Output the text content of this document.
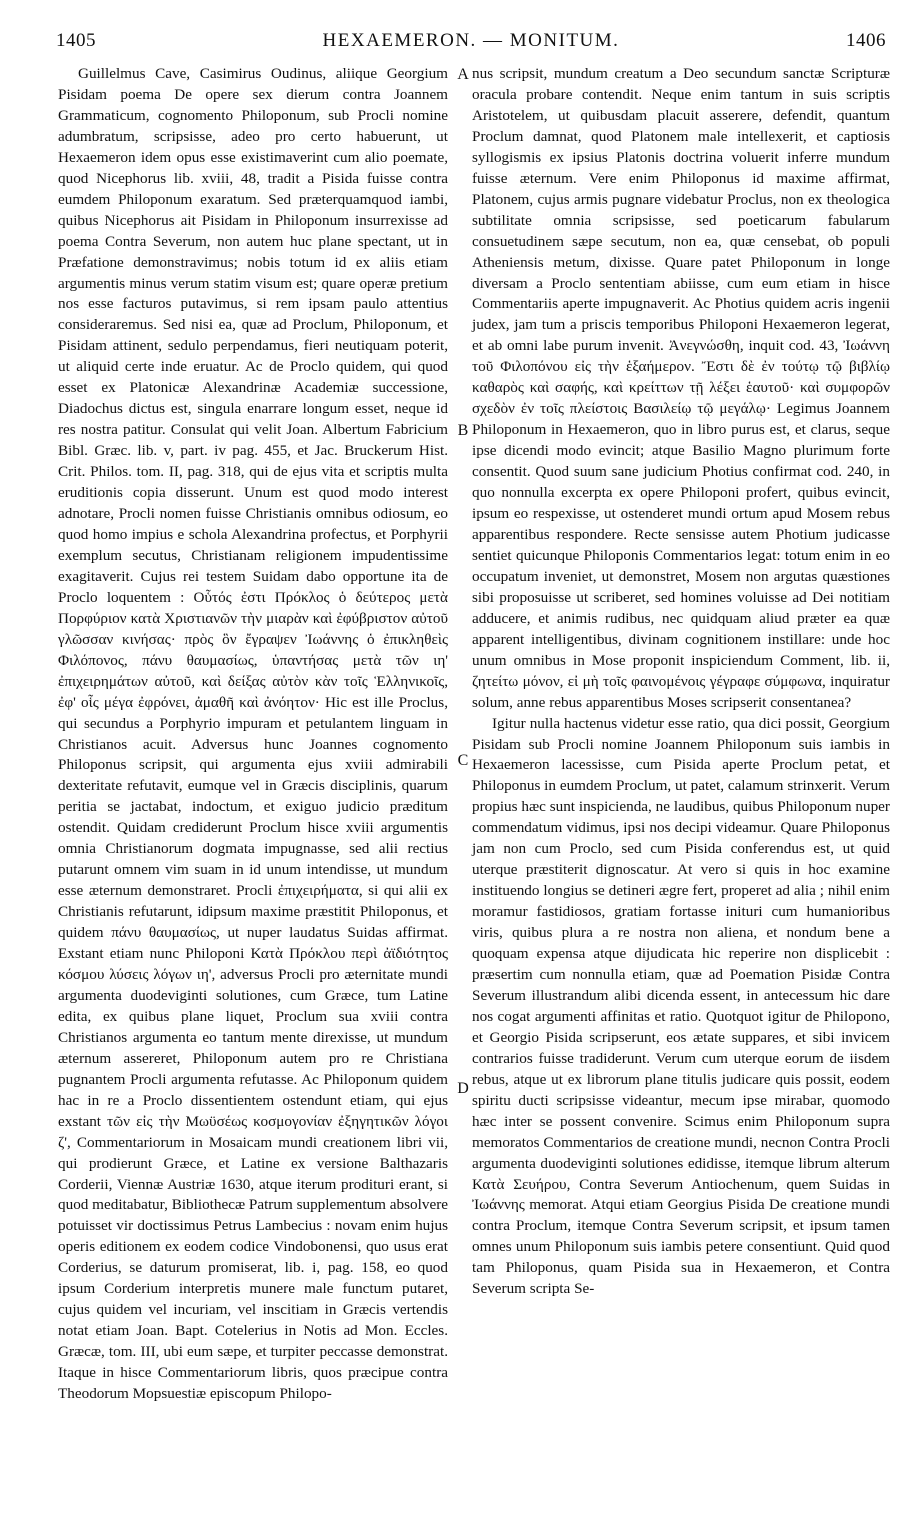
1405	HEXAEMERON. — MONITUM.	1406

Guillelmus Cave, Casimirus Oudinus, aliique Georgium Pisidam poema De opere sex dierum contra Joannem Grammaticum, cognomento Philoponum, sub Procli nomine adumbratum, scripsisse, adeo pro certo habuerunt, ut Hexaemeron idem opus esse existimaverint cum alio poemate, quod Nicephorus lib. xviii, 48, tradit a Pisida fuisse contra eumdem Philoponum exaratum. Sed præterquamquod iambi, quibus Nicephorus ait Pisidam in Philoponum insurrexisse ad poema Contra Severum, non autem huc plane spectant, ut in Præfatione demonstravimus; nobis totum id ex aliis etiam argumentis minus verum statim visum est; quare operæ pretium nos esse facturos putavimus, si rem ipsam paulo attentius consideraremus. Sed nisi ea, quæ ad Proclum, Philoponum, et Pisidam attinent, sedulo perpendamus, fieri neutiquam poterit, ut aliquid certe inde eruatur. Ac de Proclo quidem, qui quod esset ex Platonicæ Alexandrinæ Academiæ successione, Diadochus dictus est, singula enarrare longum esset, neque id res nostra patitur. Consulat qui velit Joan. Albertum Fabricium Bibl. Græc. lib. v, part. iv pag. 455, et Jac. Bruckerum Hist. Crit. Philos. tom. II, pag. 318, qui de ejus vita et scriptis multa eruditionis copia disserunt. Unum est quod modo interest adnotare, Procli nomen fuisse Christianis omnibus odiosum, eo quod homo impius e schola Alexandrina profectus, et Porphyrii exemplum secutus, Christianam religionem impudentissime exagitaverit. Cujus rei testem Suidam dabo opportune ita de Proclo loquentem : Οὗτός ἐστι Πρόκλος ὁ δεύτερος μετὰ Πορφύριον κατὰ Χριστιανῶν τὴν μιαρὰν καὶ ἐφύβριστον αὐτοῦ γλῶσσαν κινήσας· πρὸς ὃν ἔγραψεν Ἰωάννης ὁ ἐπικληθεὶς Φιλόπονος, πάνυ θαυμασίως, ὑπαντήσας μετὰ τῶν ιη' ἐπιχειρημάτων αὐτοῦ, καὶ δείξας αὐτὸν κὰν τοῖς Ἑλληνικοῖς, ἐφ' οἷς μέγα ἐφρόνει, ἀμαθῆ καὶ ἀνόητον· Hic est ille Proclus, qui secundus a Porphyrio impuram et petulantem linguam in Christianos acuit. Adversus hunc Joannes cognomento Philoponus scripsit, qui argumenta ejus xviii admirabili dexteritate refutavit, eumque vel in Græcis disciplinis, quarum peritia se jactabat, indoctum, et exiguo judicio præditum ostendit. Quidam crediderunt Proclum hisce xviii argumentis omnia Christianorum dogmata impugnasse, sed alii rectius putarunt omnem vim suam in id unum intendisse, ut mundum esse æternum demonstraret. Procli ἐπιχειρήματα, si qui alii ex Christianis refutarunt, idipsum maxime præstitit Philoponus, et quidem πάνυ θαυμασίως, ut nuper laudatus Suidas affirmat. Exstant etiam nunc Philoponi Κατὰ Πρόκλου περὶ ἀϊδιότητος κόσμου λύσεις λόγων ιη', adversus Procli pro æternitate mundi argumenta duodeviginti solutiones, cum Græce, tum Latine edita, ex quibus plane liquet, Proclum sua xviii contra Christianos argumenta eo tantum mente direxisse, ut mundum æternum assereret, Philoponum autem pro re Christiana pugnantem Procli argumenta refutasse. Ac Philoponum quidem hac in re a Proclo dissentientem ostendunt etiam, qui ejus exstant τῶν εἰς τὴν Μωϋσέως κοσμογονίαν ἐξηγητικῶν λόγοι ζ', Commentariorum in Mosaicam mundi creationem libri vii, qui prodierunt Græce, et Latine ex versione Balthazaris Corderii, Viennæ Austriæ 1630, atque iterum prodituri erant, si quod meditabatur, Bibliothecæ Patrum supplementum absolvere potuisset vir doctissimus Petrus Lambecius : novam enim hujus operis editionem ex eodem codice Vindobonensi, quo usus erat Corderius, se daturum promiserat, lib. i, pag. 158, eo quod ipsum Corderium interpretis munere male functum putaret, cujus quidem vel incuriam, vel inscitiam in Græcis vertendis notat etiam Joan. Bapt. Cotelerius in Notis ad Mon. Eccles. Græcæ, tom. III, ubi eum sæpe, et turpiter peccasse demonstrat. Itaque in hisce Commentariorum libris, quos præcipue contra Theodorum Mopsuestiæ episcopum Philopo-

A
B
C
D

nus scripsit, mundum creatum a Deo secundum sanctæ Scripturæ oracula probare contendit. Neque enim tantum in suis scriptis Aristotelem, ut quibusdam placuit asserere, defendit, quantum Proclum damnat, quod Platonem male intellexerit, et captiosis syllogismis ex ipsius Platonis doctrina voluerit inferre mundum fuisse æternum. Vere enim Philoponus id maxime affirmat, Platonem, cujus armis pugnare videbatur Proclus, non ex theologica subtilitate omnia scripsisse, sed poeticarum fabularum consuetudinem sæpe secutum, non ea, quæ censebat, ob populi Atheniensis metum, dixisse. Quare patet Philoponum in longe diversam a Proclo sententiam abiisse, cum eum etiam in hisce Commentariis aperte impugnaverit. Ac Photius quidem acris ingenii judex, jam tum a priscis temporibus Philoponi Hexaemeron legerat, et ab omni labe purum invenit. Ἀνεγνώσθη, inquit cod. 43, Ἰωάννη τοῦ Φιλοπόνου εἰς τὴν ἑξαήμερον. Ἔστι δὲ ἐν τούτῳ τῷ βιβλίῳ καθαρὸς καὶ σαφής, καὶ κρείττων τῇ λέξει ἑαυτοῦ· καὶ συμφορῶν σχεδὸν ἐν τοῖς πλείστοις Βασιλείῳ τῷ μεγάλῳ· Legimus Joannem Philoponum in Hexaemeron, quo in libro purus est, et clarus, seque ipse dicendi modo evincit; atque Basilio Magno plurimum forte consentit. Quod suum sane judicium Photius confirmat cod. 240, in quo nonnulla excerpta ex opere Philoponi profert, quibus evincit, ipsum eo respexisse, ut ostenderet mundi ortum apud Mosem rebus apparentibus respondere. Recte sensisse autem Photium judicasse sentiet quicunque Philoponis Commentarios legat: totum enim in eo occupatum inveniet, ut demonstret, Mosem non argutas quæstiones sibi proposuisse ut scriberet, sed homines voluisse ad Dei notitiam adducere, et animis rudibus, nec quidquam aliud præter ea quæ apparent intelligentibus, divinam cognitionem instillare: unde hoc unum omnibus in Mose proponit inspiciendum Comment, lib. ii, ζητείτω μόνον, εἰ μὴ τοῖς φαινομένοις γέγραφε σύμφωνα, inquiratur solum, anne rebus apparentibus Moses scripserit consentanea?

Igitur nulla hactenus videtur esse ratio, qua dici possit, Georgium Pisidam sub Procli nomine Joannem Philoponum suis iambis in Hexaemeron lacessisse, cum Pisida aperte Proclum petat, et Philoponus in eumdem Proclum, ut patet, calamum strinxerit. Verum propius hæc sunt inspicienda, ne laudibus, quibus Philoponum nuper commendatum vidimus, ipsi nos decipi videamur. Quare Philoponus jam non cum Proclo, sed cum Pisida conferendus est, ut quid uterque præstiterit dignoscatur. At vero si quis in hoc examine instituendo longius se detineri ægre fert, properet ad alia ; nihil enim moramur fastidiosos, gratiam fortasse inituri cum humanioribus viris, quibus plura a re nostra non aliena, et nondum bene a quoquam expensa atque dijudicata hic reperire non displicebit : præsertim cum nonnulla etiam, quæ ad Poemation Pisidæ Contra Severum illustrandum alibi dicenda essent, in antecessum hic dare nos cogat argumenti affinitas et ratio. Quotquot igitur de Philopono, et Georgio Pisida scripserunt, eos ætate suppares, et sibi invicem contrarios fuisse tradiderunt. Verum cum uterque eorum de iisdem rebus, atque ut ex librorum plane titulis judicare quis possit, eodem spiritu ducti scripsisse videantur, mecum ipse mirabar, quomodo hæc inter se possent convenire. Scimus enim Philoponum supra memoratos Commentarios de creatione mundi, necnon Contra Procli argumenta duodeviginti solutiones edidisse, itemque librum alterum Κατὰ Σευήρου, Contra Severum Antiochenum, quem Suidas in Ἰωάννης memorat. Atqui etiam Georgius Pisida De creatione mundi contra Proclum, itemque Contra Severum scripsit, et ipsum tamen omnes unum Philoponum suis iambis petere consentiunt. Quid quod tam Philoponus, quam Pisida sua in Hexaemeron, et Contra Severum scripta Se-
